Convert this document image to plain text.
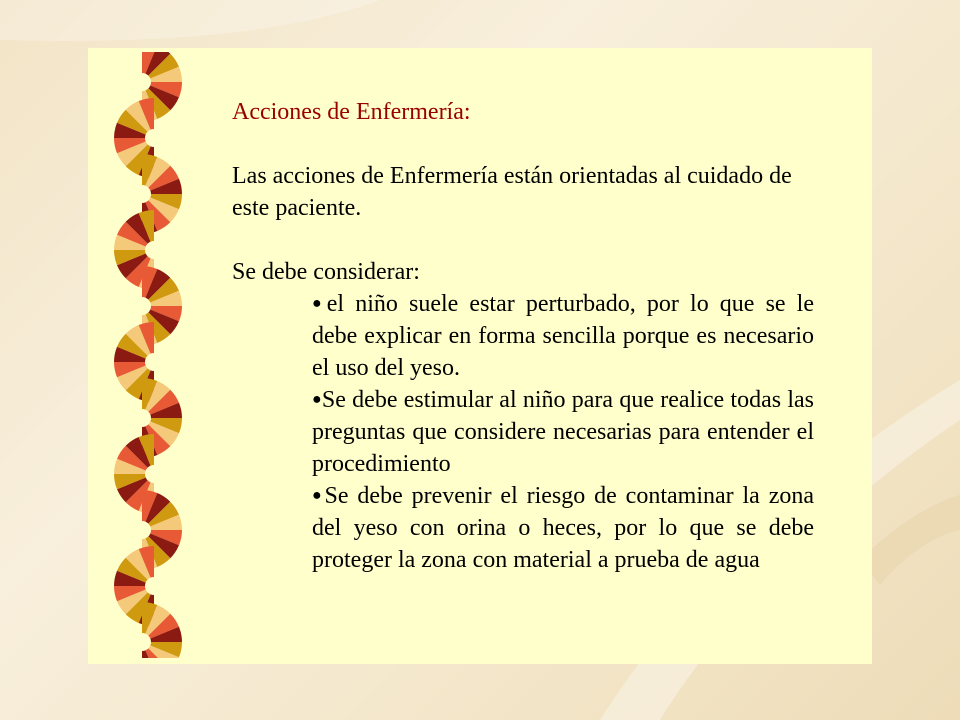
Acciones de Enfermería:

Las acciones de Enfermería están orientadas al cuidado de este paciente.

Se debe considerar:

●el niño suele estar perturbado, por lo que se le debe explicar en forma sencilla porque es necesario el uso del yeso.
●Se debe estimular al niño para que realice todas las preguntas que considere necesarias para entender el procedimiento
●Se debe prevenir el riesgo de contaminar la zona del yeso con orina o heces, por lo que se debe proteger la zona con material a prueba de agua
